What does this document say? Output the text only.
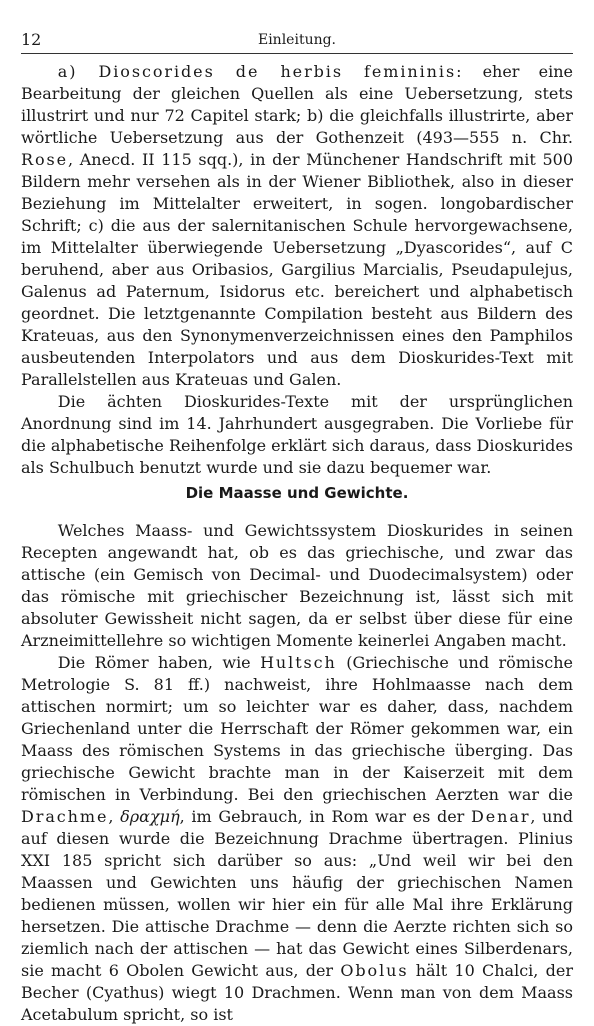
12	Einleitung.

a) Dioscorides de herbis femininis: eher eine Bearbeitung der gleichen Quellen als eine Uebersetzung, stets illustrirt und nur 72 Capitel stark; b) die gleichfalls illustrirte, aber wörtliche Uebersetzung aus der Gothenzeit (493—555 n. Chr. Rose, Anecd. II 115 sqq.), in der Münchener Handschrift mit 500 Bildern mehr versehen als in der Wiener Bibliothek, also in dieser Beziehung im Mittelalter erweitert, in sogen. longobardischer Schrift; c) die aus der salernitanischen Schule hervorgewachsene, im Mittelalter überwiegende Uebersetzung „Dyascorides“, auf C beruhend, aber aus Oribasios, Gargilius Marcialis, Pseudapulejus, Galenus ad Paternum, Isidorus etc. bereichert und alphabetisch geordnet. Die letztgenannte Compilation besteht aus Bildern des Krateuas, aus den Synonymenverzeichnissen eines den Pamphilos ausbeutenden Interpolators und aus dem Dioskurides-Text mit Parallelstellen aus Krateuas und Galen.

Die ächten Dioskurides-Texte mit der ursprünglichen Anordnung sind im 14. Jahrhundert ausgegraben. Die Vorliebe für die alphabetische Reihenfolge erklärt sich daraus, dass Dioskurides als Schulbuch benutzt wurde und sie dazu bequemer war.

Die Maasse und Gewichte.

Welches Maass- und Gewichtssystem Dioskurides in seinen Recepten angewandt hat, ob es das griechische, und zwar das attische (ein Gemisch von Decimal- und Duodecimalsystem) oder das römische mit griechischer Bezeichnung ist, lässt sich mit absoluter Gewissheit nicht sagen, da er selbst über diese für eine Arzneimittellehre so wichtigen Momente keinerlei Angaben macht.

Die Römer haben, wie Hultsch (Griechische und römische Metrologie S. 81 ff.) nachweist, ihre Hohlmaasse nach dem attischen normirt; um so leichter war es daher, dass, nachdem Griechenland unter die Herrschaft der Römer gekommen war, ein Maass des römischen Systems in das griechische überging. Das griechische Gewicht brachte man in der Kaiserzeit mit dem römischen in Verbindung. Bei den griechischen Aerzten war die Drachme, δραχμή, im Gebrauch, in Rom war es der Denar, und auf diesen wurde die Bezeichnung Drachme übertragen. Plinius XXI 185 spricht sich darüber so aus: „Und weil wir bei den Maassen und Gewichten uns häufig der griechischen Namen bedienen müssen, wollen wir hier ein für alle Mal ihre Erklärung hersetzen. Die attische Drachme — denn die Aerzte richten sich so ziemlich nach der attischen — hat das Gewicht eines Silberdenars, sie macht 6 Obolen Gewicht aus, der Obolus hält 10 Chalci, der Becher (Cyathus) wiegt 10 Drachmen. Wenn man von dem Maass Acetabulum spricht, so ist
